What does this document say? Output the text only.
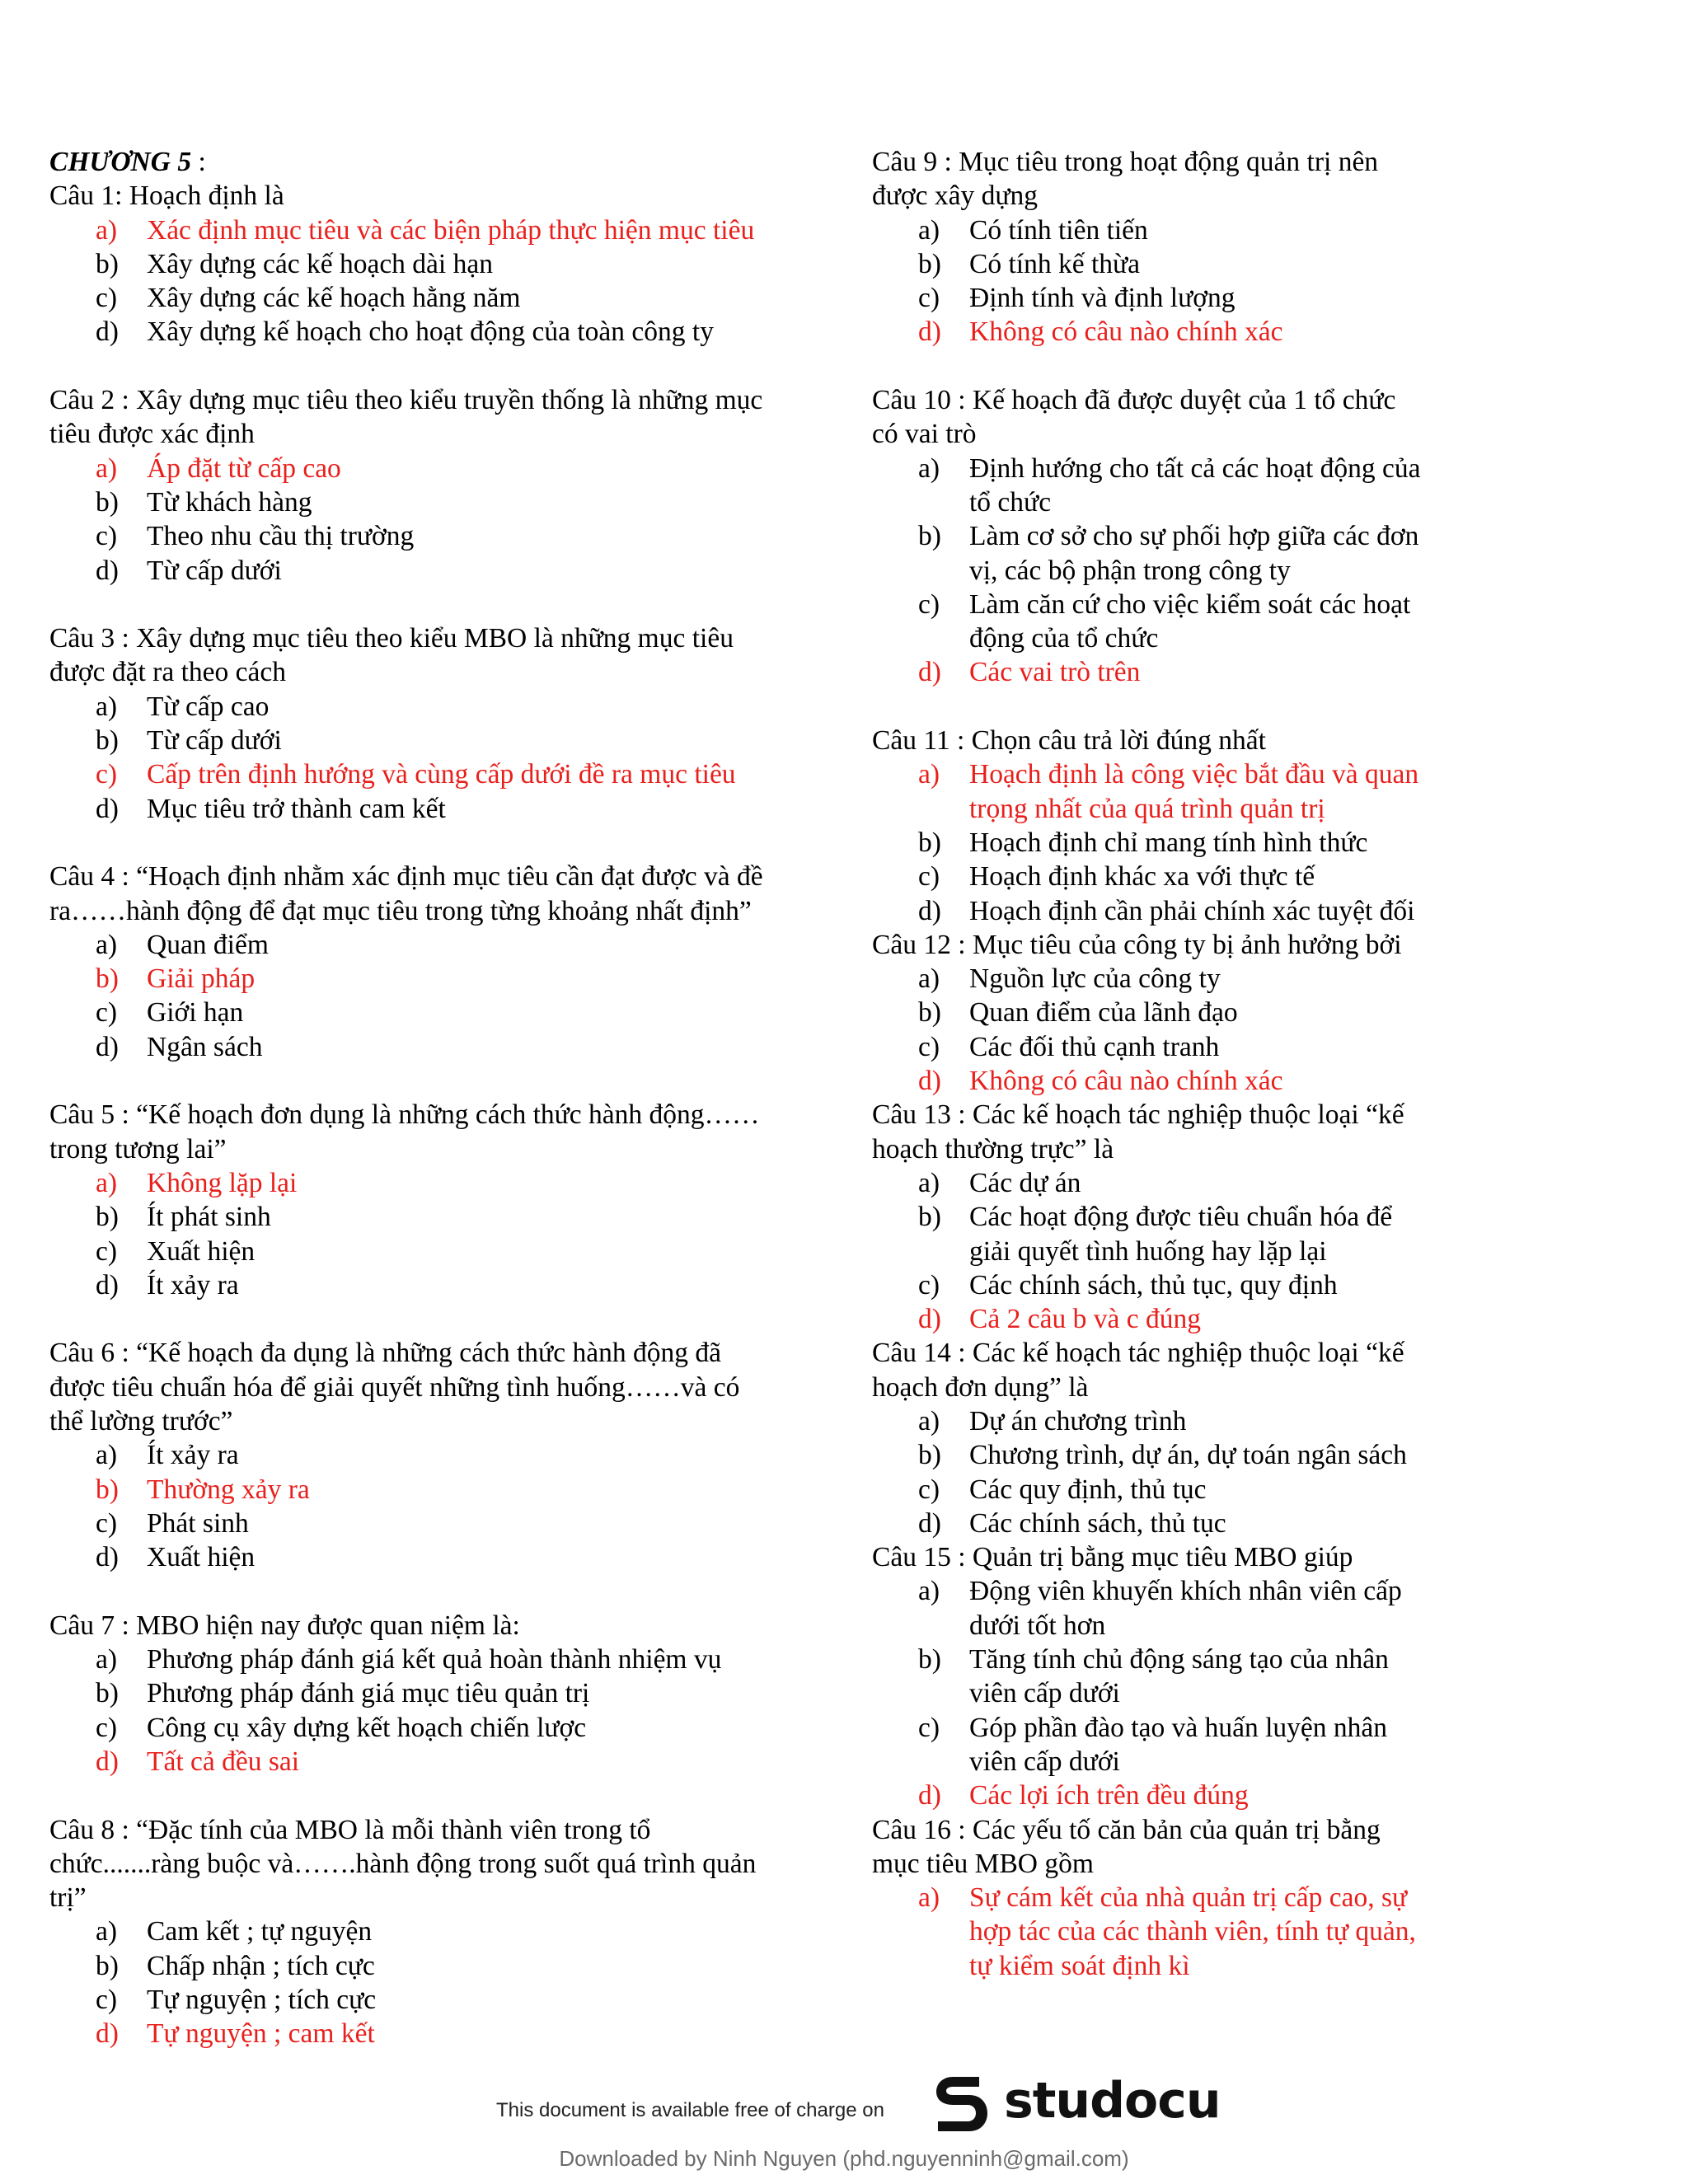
CHƯƠNG 5 :
Câu 1: Hoạch định là
a) Xác định mục tiêu và các biện pháp thực hiện mục tiêu
b) Xây dựng các kế hoạch dài hạn
c) Xây dựng các kế hoạch hằng năm
d) Xây dựng kế hoạch cho hoạt động của toàn công ty
Câu 2 : Xây dựng mục tiêu theo kiểu truyền thống là những mục tiêu được xác định
a) Áp đặt từ cấp cao
b) Từ khách hàng
c) Theo nhu cầu thị trường
d) Từ cấp dưới
Câu 3 : Xây dựng mục tiêu theo kiểu MBO là những mục tiêu được đặt ra theo cách
a) Từ cấp cao
b) Từ cấp dưới
c) Cấp trên định hướng và cùng cấp dưới đề ra mục tiêu
d) Mục tiêu trở thành cam kết
Câu 4 : “Hoạch định nhằm xác định mục tiêu cần đạt được và đề ra……hành động để đạt mục tiêu trong từng khoảng nhất định”
a) Quan điểm
b) Giải pháp
c) Giới hạn
d) Ngân sách
Câu 5 : “Kế hoạch đơn dụng là những cách thức hành động……trong tương lai”
a) Không lặp lại
b) Ít phát sinh
c) Xuất hiện
d) Ít xảy ra
Câu 6 : “Kế hoạch đa dụng là những cách thức hành động đã được tiêu chuẩn hóa để giải quyết những tình huống……và có thể lường trước”
a) Ít xảy ra
b) Thường xảy ra
c) Phát sinh
d) Xuất hiện
Câu 7 : MBO hiện nay được quan niệm là:
a) Phương pháp đánh giá kết quả hoàn thành nhiệm vụ
b) Phương pháp đánh giá mục tiêu quản trị
c) Công cụ xây dựng kết hoạch chiến lược
d) Tất cả đều sai
Câu 8 : “Đặc tính của MBO là mỗi thành viên trong tổ chức.......ràng buộc và…….hành động trong suốt quá trình quản trị”
a) Cam kết ; tự nguyện
b) Chấp nhận ; tích cực
c) Tự nguyện ; tích cực
d) Tự nguyện ; cam kết
Câu 9 : Mục tiêu trong hoạt động quản trị nên được xây dựng
a) Có tính tiên tiến
b) Có tính kế thừa
c) Định tính và định lượng
d) Không có câu nào chính xác
Câu 10 : Kế hoạch đã được duyệt của 1 tổ chức có vai trò
a) Định hướng cho tất cả các hoạt động của tổ chức
b) Làm cơ sở cho sự phối hợp giữa các đơn vị, các bộ phận trong công ty
c) Làm căn cứ cho việc kiểm soát các hoạt động của tổ chức
d) Các vai trò trên
Câu 11 : Chọn câu trả lời đúng nhất
a) Hoạch định là công việc bắt đầu và quan trọng nhất của quá trình quản trị
b) Hoạch định chỉ mang tính hình thức
c) Hoạch định khác xa với thực tế
d) Hoạch định cần phải chính xác tuyệt đối
Câu 12 : Mục tiêu của công ty bị ảnh hưởng bởi
a) Nguồn lực của công ty
b) Quan điểm của lãnh đạo
c) Các đối thủ cạnh tranh
d) Không có câu nào chính xác
Câu 13 : Các kế hoạch tác nghiệp thuộc loại “kế hoạch thường trực” là
a) Các dự án
b) Các hoạt động được tiêu chuẩn hóa để giải quyết tình huống hay lặp lại
c) Các chính sách, thủ tục, quy định
d) Cả 2 câu b và c đúng
Câu 14 : Các kế hoạch tác nghiệp thuộc loại “kế hoạch đơn dụng” là
a) Dự án chương trình
b) Chương trình, dự án, dự toán ngân sách
c) Các quy định, thủ tục
d) Các chính sách, thủ tục
Câu 15 : Quản trị bằng mục tiêu MBO giúp
a) Động viên khuyến khích nhân viên cấp dưới tốt hơn
b) Tăng tính chủ động sáng tạo của nhân viên cấp dưới
c) Góp phần đào tạo và huấn luyện nhân viên cấp dưới
d) Các lợi ích trên đều đúng
Câu 16 : Các yếu tố căn bản của quản trị bằng mục tiêu MBO gồm
a) Sự cám kết của nhà quản trị cấp cao, sự hợp tác của các thành viên, tính tự quản, tự kiểm soát định kì
This document is available free of charge on studocu
Downloaded by Ninh Nguyen (phd.nguyenninh@gmail.com)
